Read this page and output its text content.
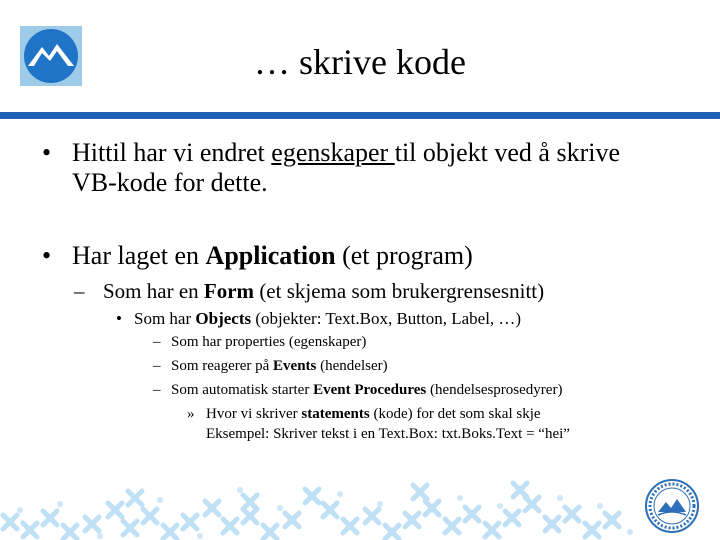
… skrive kode
• Hittil har vi endret egenskaper til objekt ved å skrive
VB-kode for dette.
• Har laget en Application (et program)
– Som har en Form (et skjema som brukergrensesnitt)
• Som har Objects (objekter: Text.Box, Button, Label, …)
– Som har properties (egenskaper)
– Som reagerer på Events (hendelser)
– Som automatisk starter Event Procedures (hendelsesprosedyrer)
» Hvor vi skriver statements (kode) for det som skal skje
Eksempel: Skriver tekst i en Text.Box: txt.Boks.Text = “hei”
